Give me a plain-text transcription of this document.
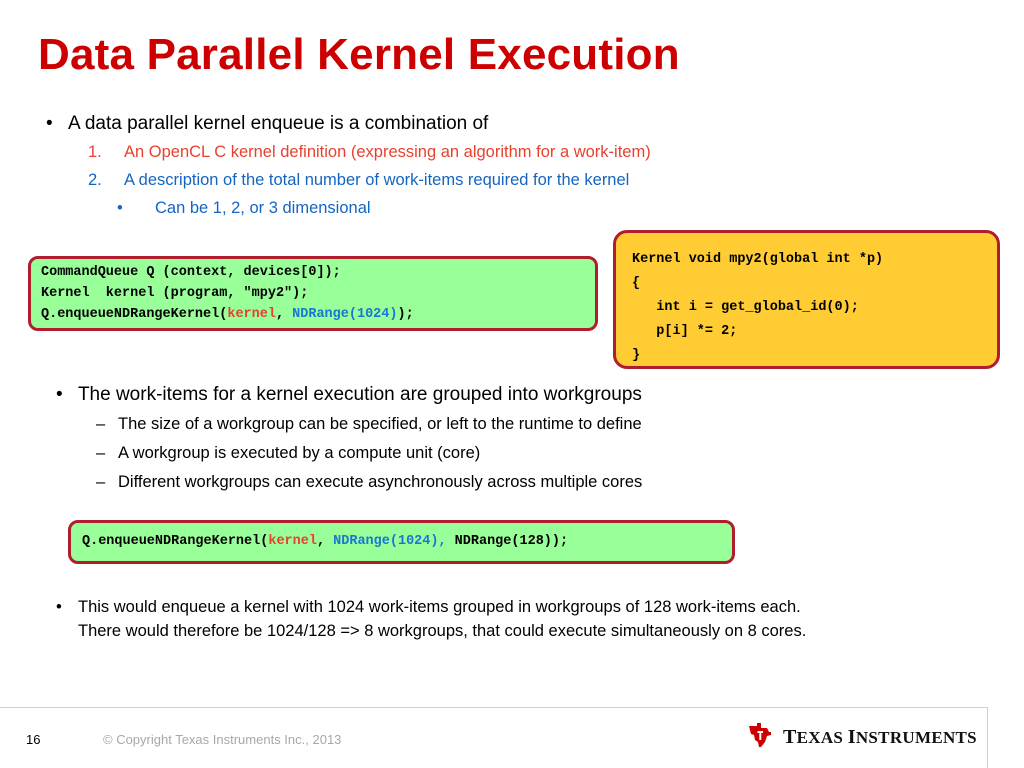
Data Parallel Kernel Execution
• A data parallel kernel enqueue is a combination of
1. An OpenCL C kernel definition (expressing an algorithm for a work-item)
2. A description of the total number of work-items required for the kernel
• Can be 1, 2, or 3 dimensional
CommandQueue Q (context, devices[0]);
Kernel  kernel (program, "mpy2");
Q.enqueueNDRangeKernel(kernel, NDRange(1024));
Kernel void mpy2(global int *p)
{
int i = get_global_id(0);
p[i] *= 2;
}
• The work-items for a kernel execution are grouped into workgroups
– The size of a workgroup can be specified, or left to the runtime to define
– A workgroup is executed by a compute unit (core)
– Different workgroups can execute asynchronously across multiple cores
Q.enqueueNDRangeKernel(kernel, NDRange(1024), NDRange(128));
• This would enqueue a kernel with 1024 work-items grouped in workgroups of 128 work-items each.
There would therefore be 1024/128 => 8 workgroups, that could execute simultaneously on 8 cores.
16	© Copyright Texas Instruments Inc., 2013	TEXAS INSTRUMENTS
